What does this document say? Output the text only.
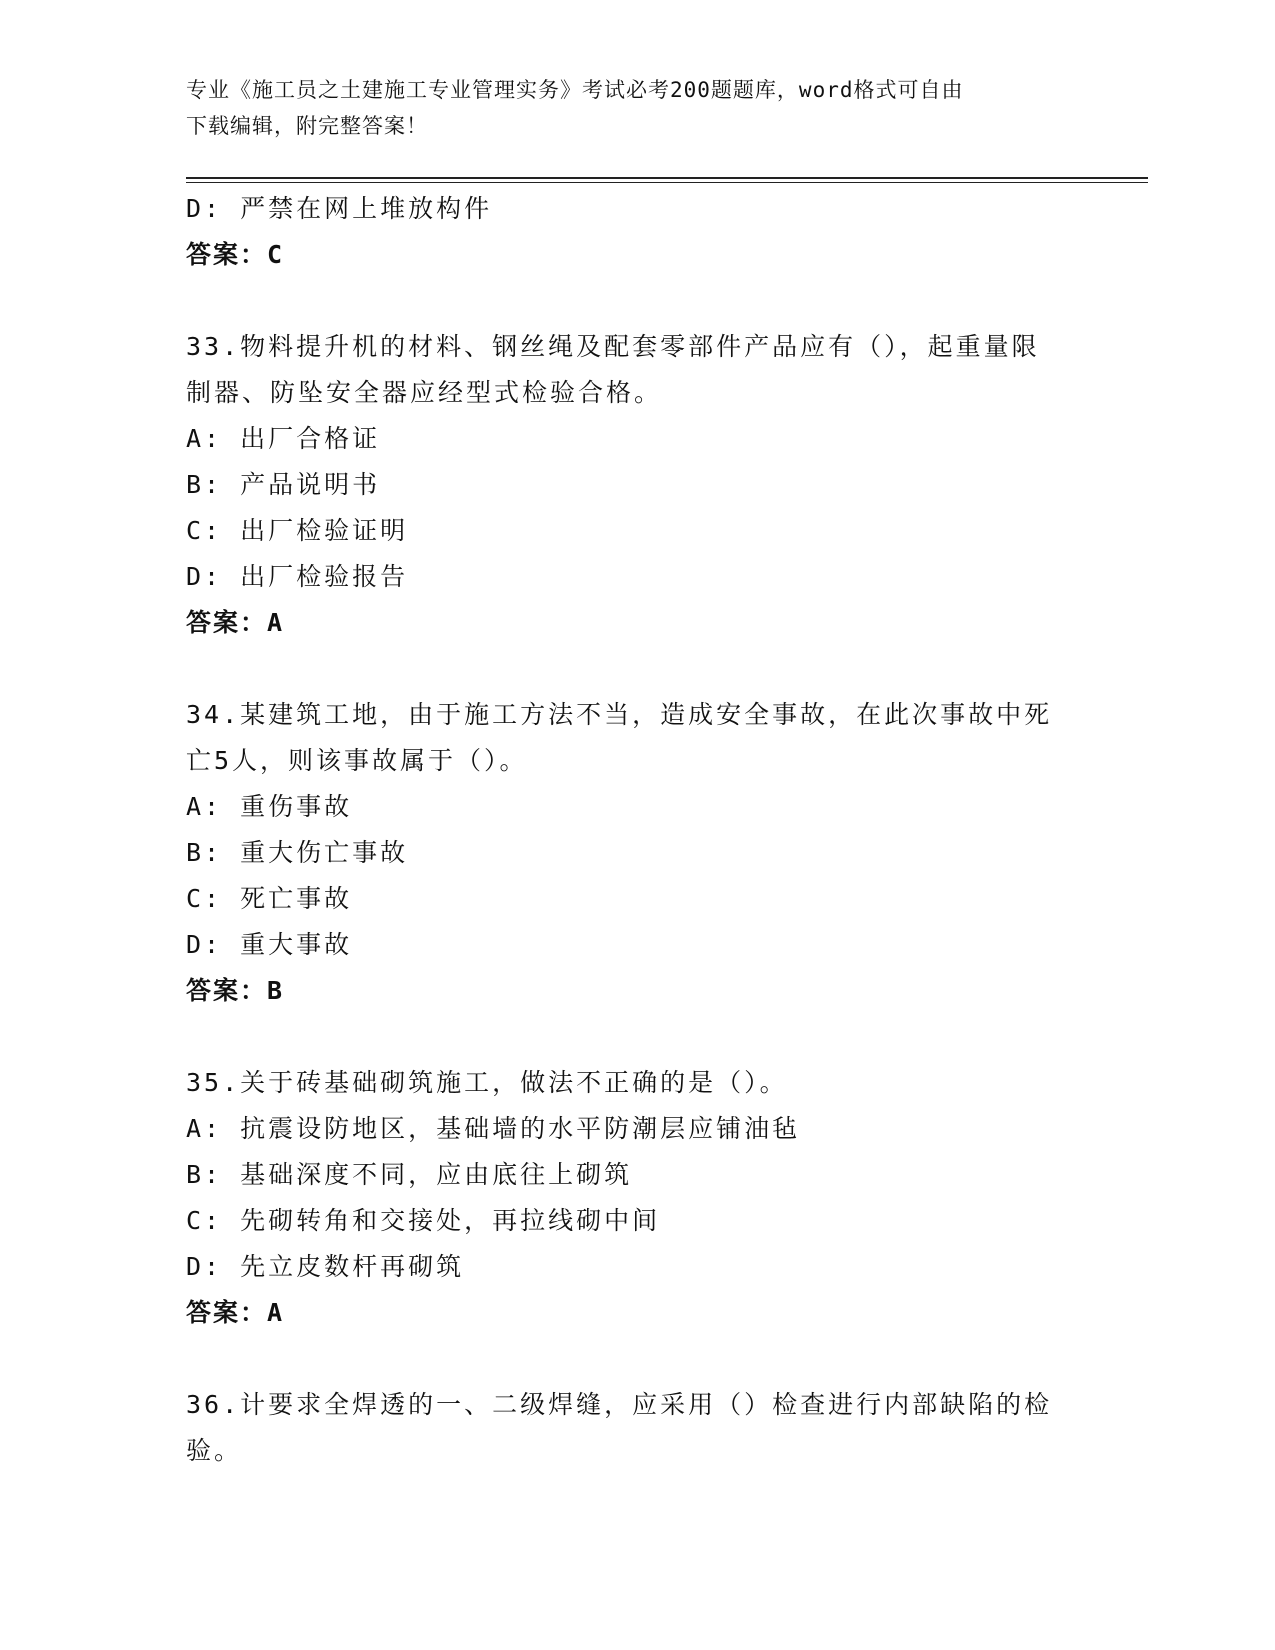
专业《施工员之土建施工专业管理实务》考试必考200题题库，word格式可自由
下载编辑，附完整答案！
D: 严禁在网上堆放构件
答案：C
33.物料提升机的材料、钢丝绳及配套零部件产品应有（），起重量限
制器、防坠安全器应经型式检验合格。
A: 出厂合格证
B: 产品说明书
C: 出厂检验证明
D: 出厂检验报告
答案：A
34.某建筑工地，由于施工方法不当，造成安全事故，在此次事故中死
亡5人，则该事故属于（）。
A: 重伤事故
B: 重大伤亡事故
C: 死亡事故
D: 重大事故
答案：B
35.关于砖基础砌筑施工，做法不正确的是（）。
A: 抗震设防地区，基础墙的水平防潮层应铺油毡
B: 基础深度不同，应由底往上砌筑
C: 先砌转角和交接处，再拉线砌中间
D: 先立皮数杆再砌筑
答案：A
36.计要求全焊透的一、二级焊缝，应采用（）检查进行内部缺陷的检
验。
